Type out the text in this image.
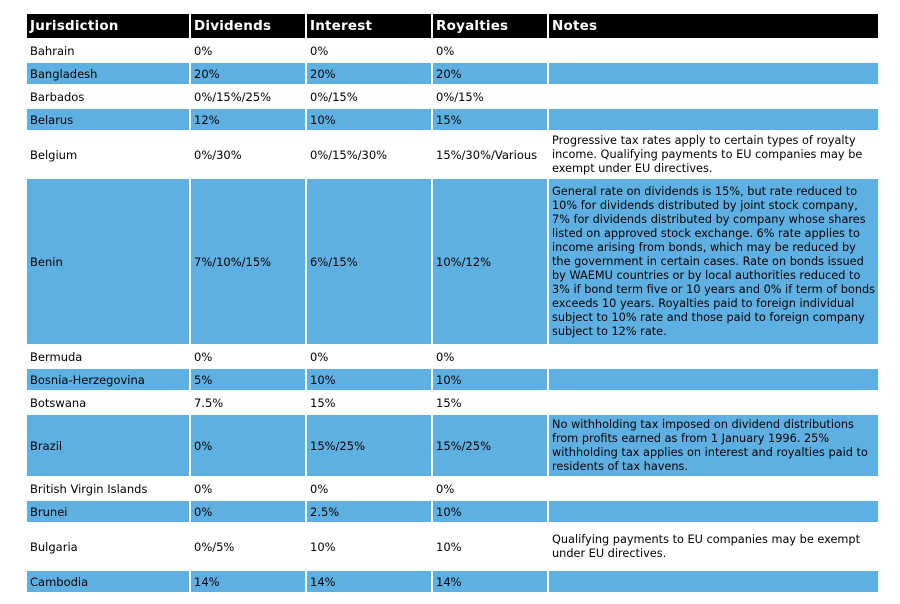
Jurisdiction	Dividends	Interest	Royalties	Notes
Bahrain	0%	0%	0%	
Bangladesh	20%	20%	20%	
Barbados	0%/15%/25%	0%/15%	0%/15%	
Belarus	12%	10%	15%	
Belgium	0%/30%	0%/15%/30%	15%/30%/Various	Progressive tax rates apply to certain types of royalty income. Qualifying payments to EU companies may be exempt under EU directives.
Benin	7%/10%/15%	6%/15%	10%/12%	General rate on dividends is 15%, but rate reduced to 10% for dividends distributed by joint stock company, 7% for dividends distributed by company whose shares listed on approved stock exchange. 6% rate applies to income arising from bonds, which may be reduced by the government in certain cases. Rate on bonds issued by WAEMU countries or by local authorities reduced to 3% if bond term five or 10 years and 0% if term of bonds exceeds 10 years. Royalties paid to foreign individual subject to 10% rate and those paid to foreign company subject to 12% rate.
Bermuda	0%	0%	0%	
Bosnia-Herzegovina	5%	10%	10%	
Botswana	7.5%	15%	15%	
Brazil	0%	15%/25%	15%/25%	No withholding tax imposed on dividend distributions from profits earned as from 1 January 1996. 25% withholding tax applies on interest and royalties paid to residents of tax havens.
British Virgin Islands	0%	0%	0%	
Brunei	0%	2.5%	10%	
Bulgaria	0%/5%	10%	10%	Qualifying payments to EU companies may be exempt under EU directives.
Cambodia	14%	14%	14%	
